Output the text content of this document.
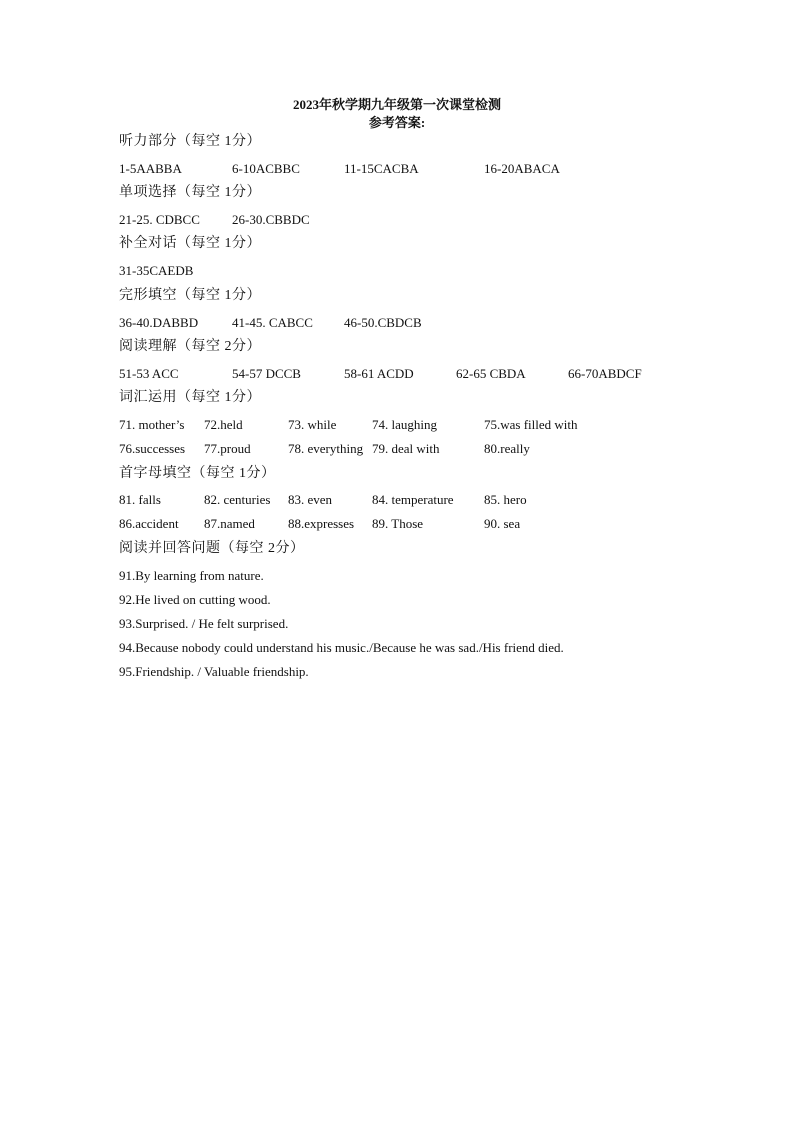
2023年秋学期九年级第一次课堂检测
参考答案:
听力部分（每空 1分）
1-5AABBA	6-10ACBBC	11-15CACBA	16-20ABACA
单项选择（每空 1分）
21-25. CDBCC 26-30.CBBDC
补全对话（每空 1分）
31-35CAEDB
完形填空（每空 1分）
36-40.DABBD	41-45. CABCC 46-50.CBDCB
阅读理解（每空 2分）
51-53 ACC	54-57 DCCB	58-61 ACDD	62-65 CBDA	66-70ABDCF
词汇运用（每空 1分）
71. mother’s 72.held	73. while	74. laughing	75.was filled with
76.successes 77.proud	78. everything 79. deal with	80.really
首字母填空（每空 1分）
81. falls	82. centuries 83. even	84. temperature 85. hero
86.accident 87.named	88.expresses 89. Those	90. sea
阅读并回答问题（每空 2分）
91.By learning from nature.
92.He lived on cutting wood.
93.Surprised. / He felt surprised.
94.Because nobody could understand his music./Because he was sad./His friend died.
95.Friendship. / Valuable friendship.
